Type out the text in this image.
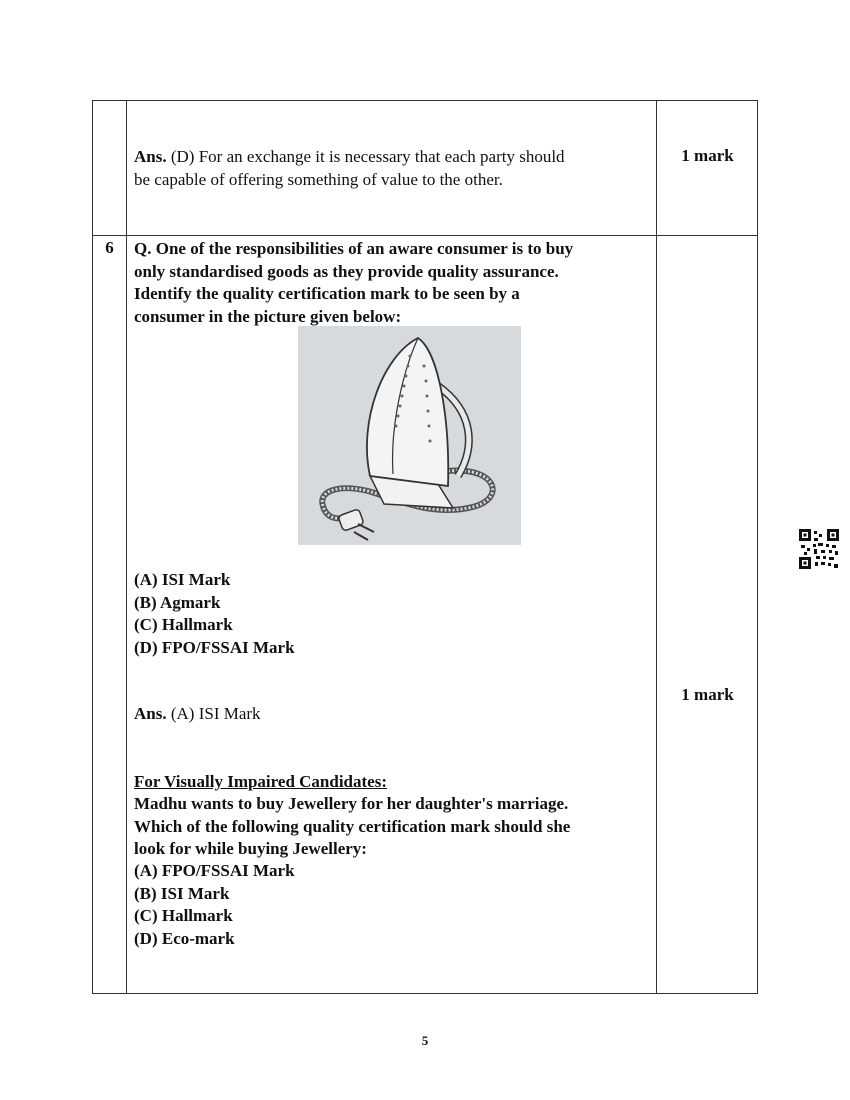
Ans. (D) For an exchange it is necessary that each party should
be capable of offering something of value to the other.
1 mark
6	Q. One of the responsibilities of an aware consumer is to buy
only standardised goods as they provide quality assurance.
Identify the quality certification mark to be seen by a
consumer in the picture given below:
(A) ISI Mark
(B) Agmark
(C) Hallmark
(D) FPO/FSSAI Mark
Ans. (A) ISI Mark
1 mark
For Visually Impaired Candidates:
Madhu wants to buy Jewellery for her daughter's marriage.
Which of the following quality certification mark should she
look for while buying Jewellery:
(A) FPO/FSSAI Mark
(B) ISI Mark
(C) Hallmark
(D) Eco-mark
5
